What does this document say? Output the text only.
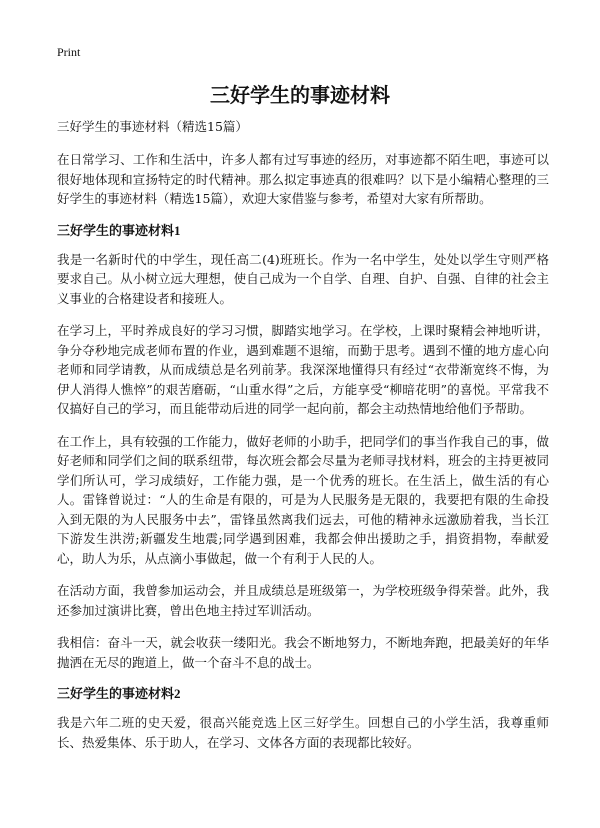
Print
三好学生的事迹材料
三好学生的事迹材料（精选15篇）

在日常学习、工作和生活中，许多人都有过写事迹的经历，对事迹都不陌生吧，事迹可以很好地体现和宣扬特定的时代精神。那么拟定事迹真的很难吗？以下是小编精心整理的三好学生的事迹材料（精选15篇），欢迎大家借鉴与参考，希望对大家有所帮助。

三好学生的事迹材料1

我是一名新时代的中学生，现任高二(4)班班长。作为一名中学生，处处以学生守则严格要求自己。从小树立远大理想，使自己成为一个自学、自理、自护、自强、自律的社会主义事业的合格建设者和接班人。

在学习上，平时养成良好的学习习惯，脚踏实地学习。在学校，上课时聚精会神地听讲，争分夺秒地完成老师布置的作业，遇到难题不退缩，而勤于思考。遇到不懂的地方虚心向老师和同学请教，从而成绩总是名列前茅。我深深地懂得只有经过“衣带渐宽终不悔，为伊人消得人憔悴”的艰苦磨砺，“山重水得”之后，方能享受“柳暗花明”的喜悦。平常我不仅搞好自己的学习，而且能带动后进的同学一起向前，都会主动热情地给他们予帮助。

在工作上，具有较强的工作能力，做好老师的小助手，把同学们的事当作我自己的事，做好老师和同学们之间的联系纽带，每次班会都会尽量为老师寻找材料，班会的主持更被同学们所认可，学习成绩好，工作能力强，是一个优秀的班长。在生活上，做生活的有心人。雷锋曾说过：“人的生命是有限的，可是为人民服务是无限的，我要把有限的生命投入到无限的为人民服务中去”，雷锋虽然离我们远去，可他的精神永远激励着我，当长江下游发生洪涝;新疆发生地震;同学遇到困难，我都会伸出援助之手，捐资捐物，奉献爱心，助人为乐，从点滴小事做起，做一个有利于人民的人。

在活动方面，我曾参加运动会，并且成绩总是班级第一，为学校班级争得荣誉。此外，我还参加过演讲比赛，曾出色地主持过军训活动。

我相信：奋斗一天，就会收获一缕阳光。我会不断地努力，不断地奔跑，把最美好的年华抛洒在无尽的跑道上，做一个奋斗不息的战士。

三好学生的事迹材料2

我是六年二班的史天爱，很高兴能竞选上区三好学生。回想自己的小学生活，我尊重师长、热爱集体、乐于助人，在学习、文体各方面的表现都比较好。
